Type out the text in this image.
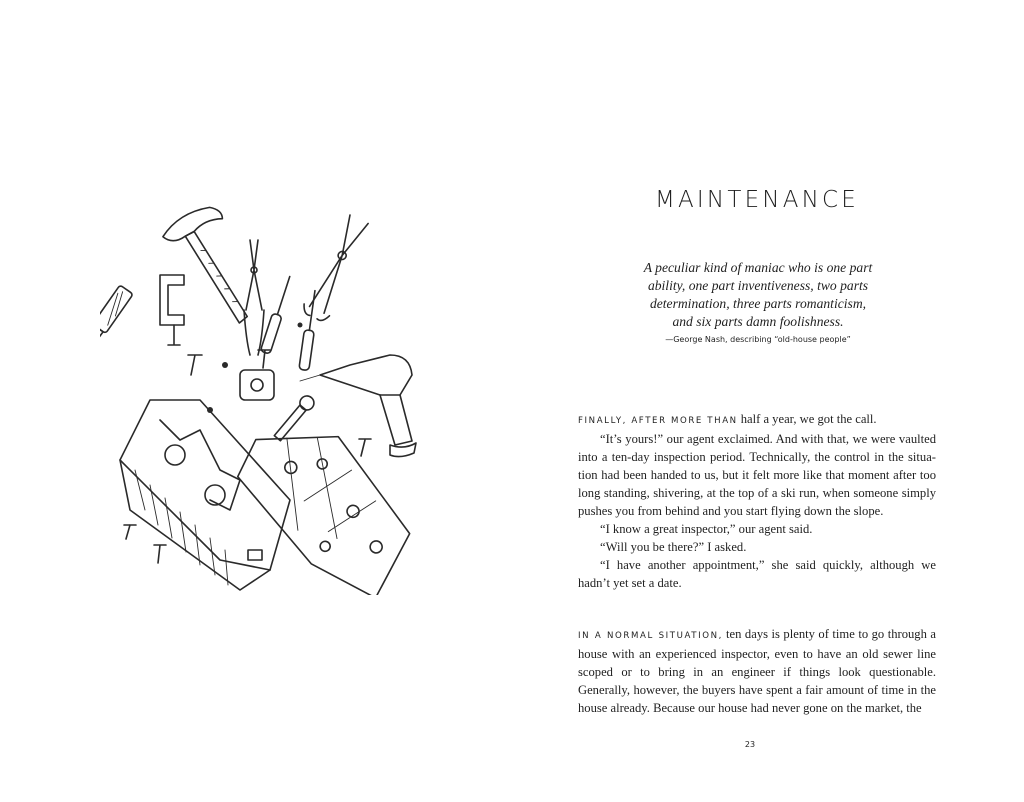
MAINTENANCE

A peculiar kind of maniac who is one part
ability, one part inventiveness, two parts
determination, three parts romanticism,
and six parts damn foolishness.

—George Nash, describing “old-house people”

FINALLY, AFTER MORE THAN half a year, we got the call.

“It’s yours!” our agent exclaimed. And with that, we were vaulted into a ten-day inspection period. Technically, the control in the situation had been handed to us, but it felt more like that moment after too long standing, shivering, at the top of a ski run, when someone simply pushes you from behind and you start flying down the slope.

“I know a great inspector,” our agent said.

“Will you be there?” I asked.

“I have another appointment,” she said quickly, although we hadn’t yet set a date.

IN A NORMAL SITUATION, ten days is plenty of time to go through a house with an experienced inspector, even to have an old sewer line scoped or to bring in an engineer if things look questionable. Generally, however, the buyers have spent a fair amount of time in the house already. Because our house had never gone on the market, the

23
